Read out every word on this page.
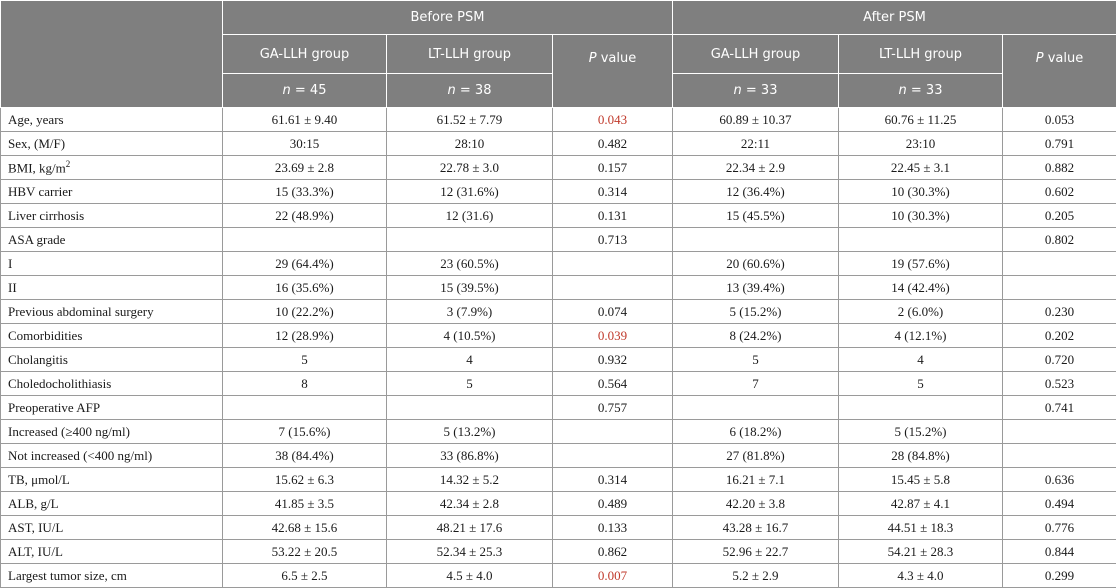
	Before PSM			After PSM		
	GA-LLH group	LT-LLH group	P value	GA-LLH group	LT-LLH group	P value
	n = 45	n = 38		n = 33	n = 33	
Age, years	61.61 ± 9.40	61.52 ± 7.79	0.043	60.89 ± 10.37	60.76 ± 11.25	0.053
Sex, (M/F)	30:15	28:10	0.482	22:11	23:10	0.791
BMI, $kg/m^2$	23.69 ± 2.8	22.78 ± 3.0	0.157	22.34 ± 2.9	22.45 ± 3.1	0.882
HBV carrier	15 (33.3%)	12 (31.6%)	0.314	12 (36.4%)	10 (30.3%)	0.602
Liver cirrhosis	22 (48.9%)	12 (31.6)	0.131	15 (45.5%)	10 (30.3%)	0.205
ASA grade			0.713			0.802
I	29 (64.4%)	23 (60.5%)		20 (60.6%)	19 (57.6%)	
II	16 (35.6%)	15 (39.5%)		13 (39.4%)	14 (42.4%)	
Previous abdominal surgery	10 (22.2%)	3 (7.9%)	0.074	5 (15.2%)	2 (6.0%)	0.230
Comorbidities	12 (28.9%)	4 (10.5%)	0.039	8 (24.2%)	4 (12.1%)	0.202
Cholangitis	5	4	0.932	5	4	0.720
Choledocholithiasis	8	5	0.564	7	5	0.523
Preoperative AFP			0.757			0.741
Increased (≥400 ng/ml)	7 (15.6%)	5 (13.2%)		6 (18.2%)	5 (15.2%)	
Not increased (<400 ng/ml)	38 (84.4%)	33 (86.8%)		27 (81.8%)	28 (84.8%)	
TB, μmol/L	15.62 ± 6.3	14.32 ± 5.2	0.314	16.21 ± 7.1	15.45 ± 5.8	0.636
ALB, g/L	41.85 ± 3.5	42.34 ± 2.8	0.489	42.20 ± 3.8	42.87 ± 4.1	0.494
AST, IU/L	42.68 ± 15.6	48.21 ± 17.6	0.133	43.28 ± 16.7	44.51 ± 18.3	0.776
ALT, IU/L	53.22 ± 20.5	52.34 ± 25.3	0.862	52.96 ± 22.7	54.21 ± 28.3	0.844
Largest tumor size, cm	6.5 ± 2.5	4.5 ± 4.0	0.007	5.2 ± 2.9	4.3 ± 4.0	0.299
